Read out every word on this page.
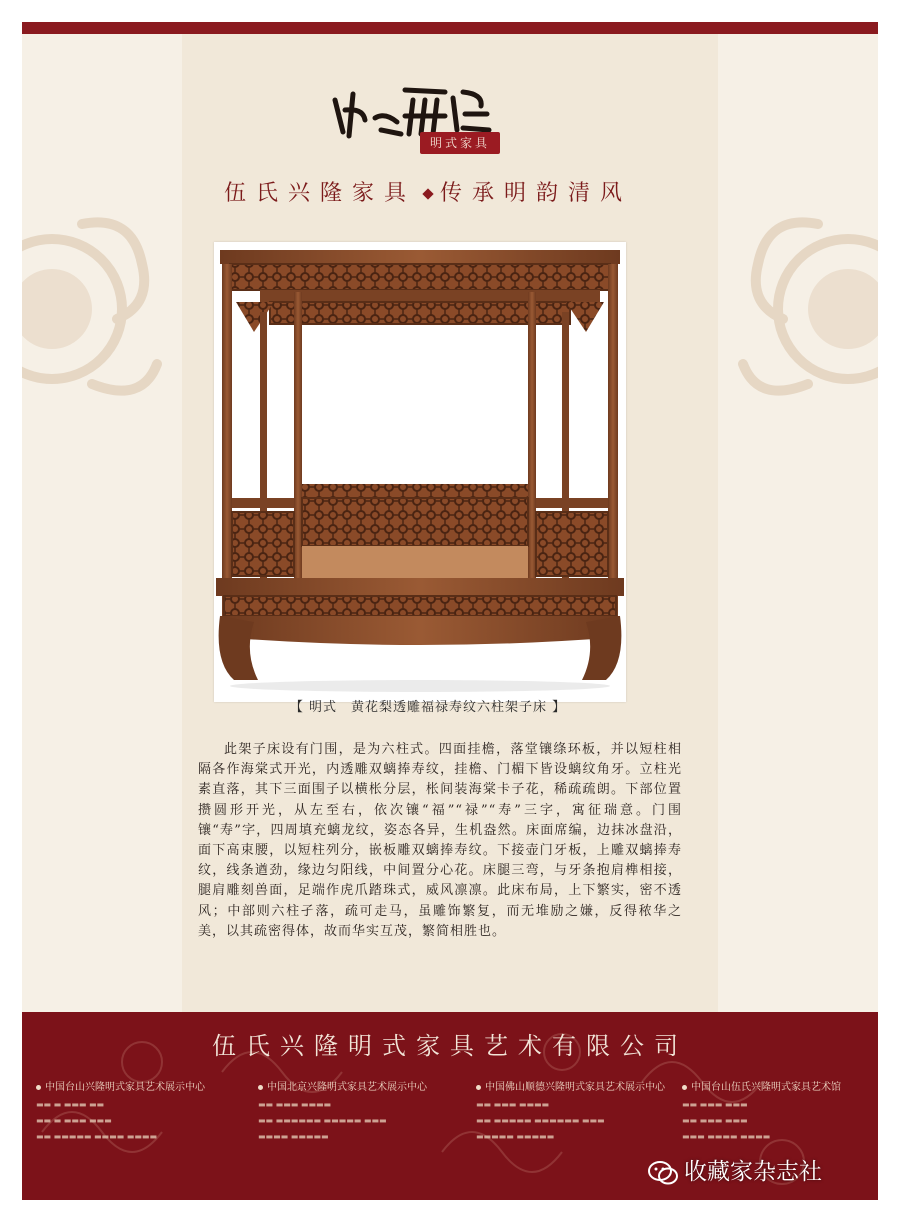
明式家具
伍氏兴隆家具 传承明韵清风
【 明式　黄花梨透雕福禄寿纹六柱架子床 】
此架子床设有门围，是为六柱式。四面挂檐，落堂镶绦环板，并以短柱相隔各作海棠式开光，内透雕双螭捧寿纹，挂檐、门楣下皆设螭纹角牙。立柱光素直落，其下三面围子以横枨分层，枨间装海棠卡子花，稀疏疏朗。下部位置攒圆形开光，从左至右，依次镶“福”“禄”“寿”三字，寓征瑞意。门围镶“寿”字，四周填充螭龙纹，姿态各异，生机盎然。床面席编，边抹冰盘沿，面下高束腰，以短柱列分，嵌板雕双螭捧寿纹。下接壶门牙板，上雕双螭捧寿纹，线条遒劲，缘边匀阳线，中间置分心花。床腿三弯，与牙条抱肩榫相接，腿肩雕刻兽面，足端作虎爪踏珠式，威风凛凛。此床布局，上下繁实，密不透风；中部则六柱孑落，疏可走马，虽雕饰繁复，而无堆励之嫌，反得秾华之美，以其疏密得体，故而华实互茂，繁简相胜也。
伍氏兴隆明式家具艺术有限公司
中国台山兴隆明式家具艺术展示中心
▬▬ ▬ ▬▬▬ ▬▬
▬▬ ▬ ▬▬▬ ▬▬▬
▬▬ ▬▬▬▬▬ ▬▬▬▬ ▬▬▬▬
中国北京兴隆明式家具艺术展示中心
▬▬ ▬▬▬ ▬▬▬▬
▬▬ ▬▬▬▬▬▬ ▬▬▬▬▬ ▬▬▬
▬▬▬▬ ▬▬▬▬▬
中国佛山顺德兴隆明式家具艺术展示中心
▬▬ ▬▬▬ ▬▬▬▬
▬▬ ▬▬▬▬▬ ▬▬▬▬▬▬ ▬▬▬
▬▬▬▬▬ ▬▬▬▬▬
中国台山伍氏兴隆明式家具艺术馆
▬▬ ▬▬▬ ▬▬▬
▬▬ ▬▬▬ ▬▬▬
▬▬▬ ▬▬▬▬ ▬▬▬▬
收藏家杂志社
